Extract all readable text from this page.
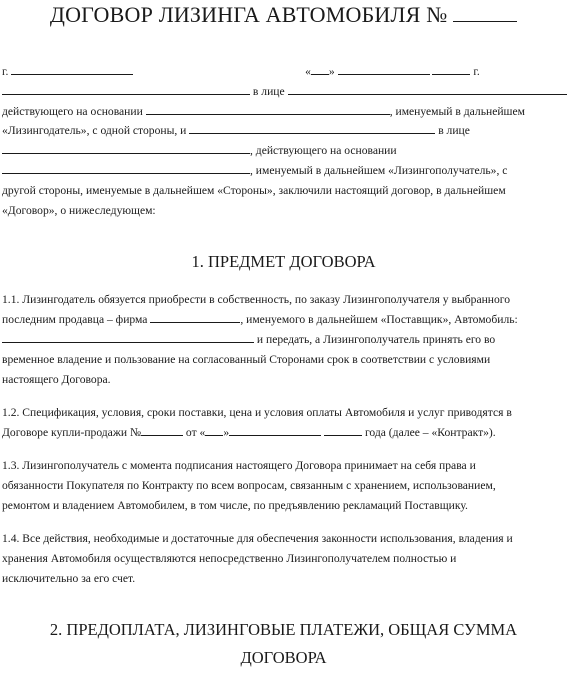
ДОГОВОР ЛИЗИНГА АВТОМОБИЛЯ №
г.	« »	г.
в лице
действующего на основании	, именуемый в дальнейшем
«Лизингодатель», с одной стороны, и	в лице
, действующего на основании
, именуемый в дальнейшем «Лизингополучатель», с
другой стороны, именуемые в дальнейшем «Стороны», заключили настоящий договор, в дальнейшем
«Договор», о нижеследующем:
1. ПРЕДМЕТ ДОГОВОРА
1.1. Лизингодатель обязуется приобрести в собственность, по заказу Лизингополучателя у выбранного
последним продавца – фирма	, именуемого в дальнейшем «Поставщик», Автомобиль:
и передать, а Лизингополучатель принять его во
временное владение и пользование на согласованный Сторонами срок в соответствии с условиями
настоящего Договора.
1.2. Спецификация, условия, сроки поставки, цена и условия оплаты Автомобиля и услуг приводятся в
Договоре купли-продажи №	от « »	года (далее – «Контракт»).
1.3. Лизингополучатель с момента подписания настоящего Договора принимает на себя права и
обязанности Покупателя по Контракту по всем вопросам, связанным с хранением, использованием,
ремонтом и владением Автомобилем, в том числе, по предъявлению рекламаций Поставщику.
1.4. Все действия, необходимые и достаточные для обеспечения законности использования, владения и
хранения Автомобиля осуществляются непосредственно Лизингополучателем полностью и
исключительно за его счет.
2. ПРЕДОПЛАТА, ЛИЗИНГОВЫЕ ПЛАТЕЖИ, ОБЩАЯ СУММА
ДОГОВОРА
